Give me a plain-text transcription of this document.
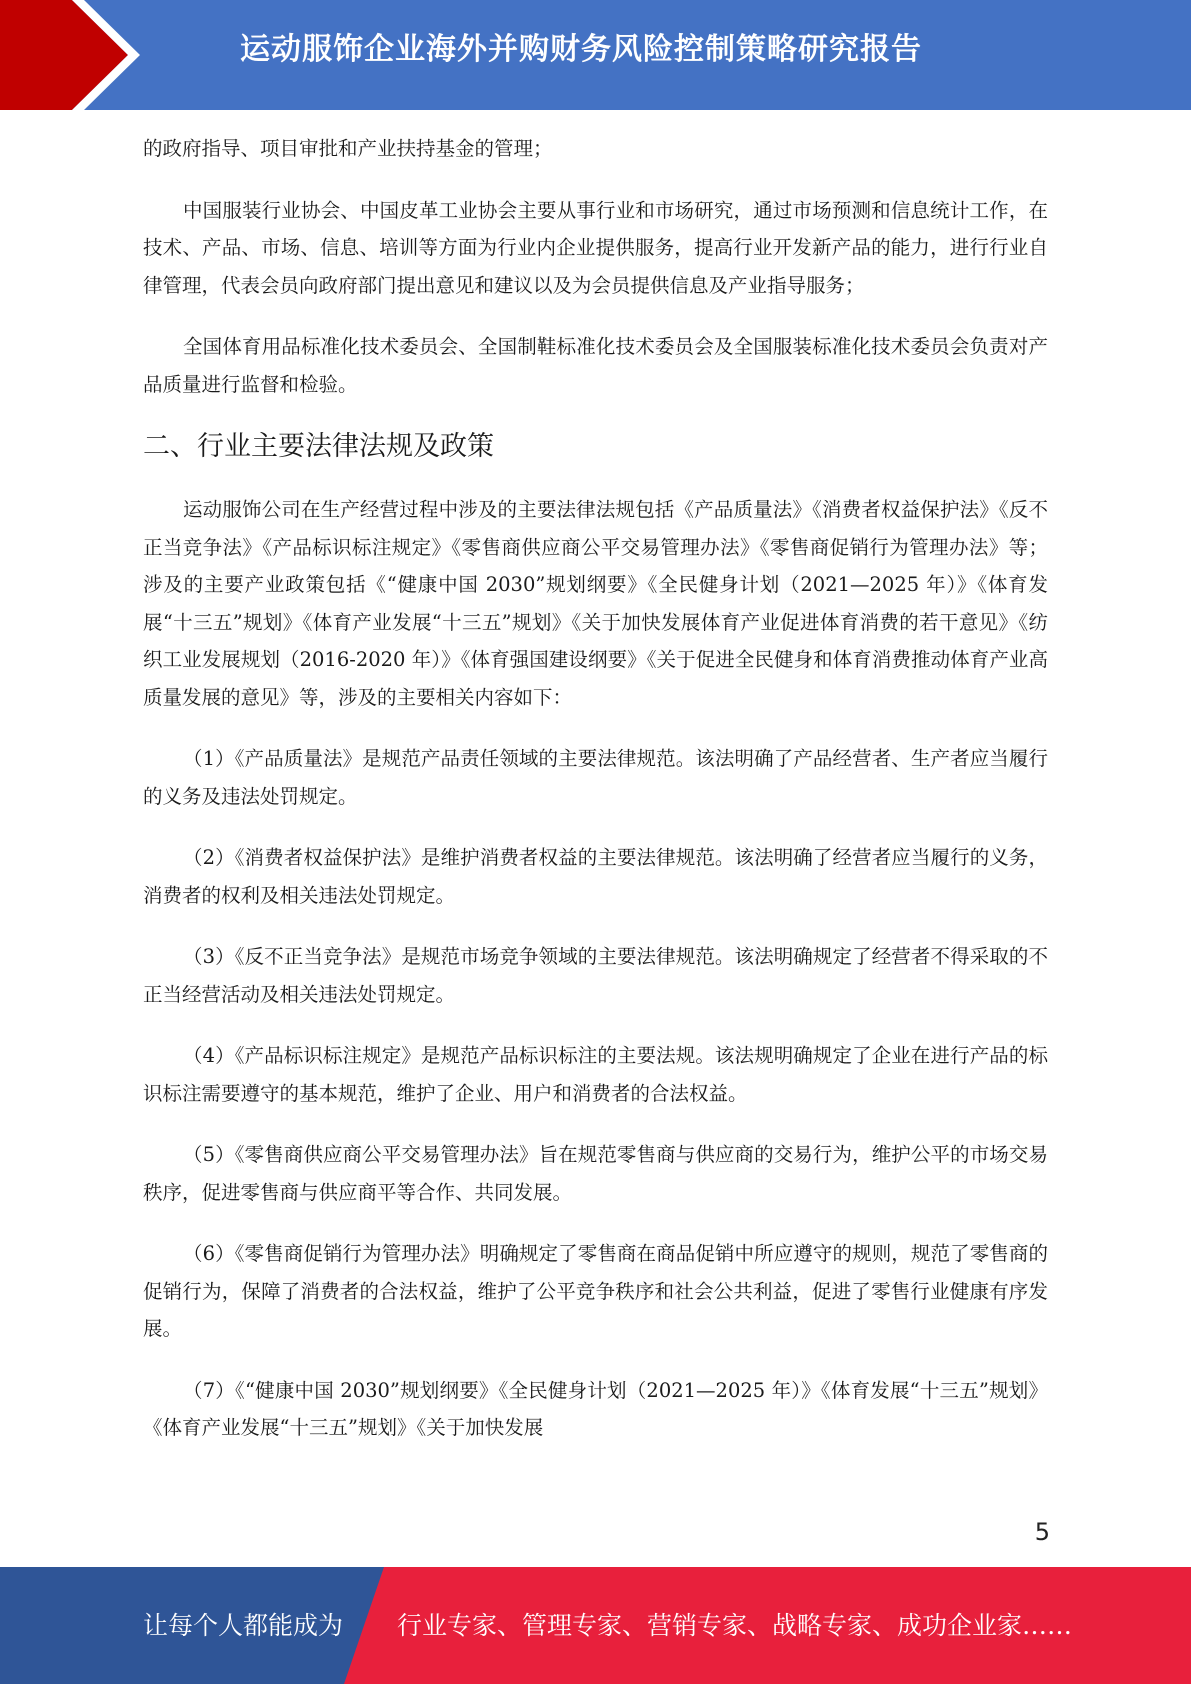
运动服饰企业海外并购财务风险控制策略研究报告

的政府指导、项目审批和产业扶持基金的管理；

中国服装行业协会、中国皮革工业协会主要从事行业和市场研究，通过市场预测和信息统计工作，在技术、产品、市场、信息、培训等方面为行业内企业提供服务，提高行业开发新产品的能力，进行行业自律管理，代表会员向政府部门提出意见和建议以及为会员提供信息及产业指导服务；

全国体育用品标准化技术委员会、全国制鞋标准化技术委员会及全国服装标准化技术委员会负责对产品质量进行监督和检验。

二、行业主要法律法规及政策

运动服饰公司在生产经营过程中涉及的主要法律法规包括《产品质量法》《消费者权益保护法》《反不正当竞争法》《产品标识标注规定》《零售商供应商公平交易管理办法》《零售商促销行为管理办法》等；涉及的主要产业政策包括《“健康中国 2030”规划纲要》《全民健身计划（2021—2025 年）》《体育发展“十三五”规划》《体育产业发展“十三五”规划》《关于加快发展体育产业促进体育消费的若干意见》《纺织工业发展规划（2016-2020 年）》《体育强国建设纲要》《关于促进全民健身和体育消费推动体育产业高质量发展的意见》等，涉及的主要相关内容如下：

（1）《产品质量法》是规范产品责任领域的主要法律规范。该法明确了产品经营者、生产者应当履行的义务及违法处罚规定。

（2）《消费者权益保护法》是维护消费者权益的主要法律规范。该法明确了经营者应当履行的义务，消费者的权利及相关违法处罚规定。

（3）《反不正当竞争法》是规范市场竞争领域的主要法律规范。该法明确规定了经营者不得采取的不正当经营活动及相关违法处罚规定。

（4）《产品标识标注规定》是规范产品标识标注的主要法规。该法规明确规定了企业在进行产品的标识标注需要遵守的基本规范，维护了企业、用户和消费者的合法权益。

（5）《零售商供应商公平交易管理办法》旨在规范零售商与供应商的交易行为，维护公平的市场交易秩序，促进零售商与供应商平等合作、共同发展。

（6）《零售商促销行为管理办法》明确规定了零售商在商品促销中所应遵守的规则，规范了零售商的促销行为，保障了消费者的合法权益，维护了公平竞争秩序和社会公共利益，促进了零售行业健康有序发展。

（7）《“健康中国 2030”规划纲要》《全民健身计划（2021—2025 年）》《体育发展“十三五”规划》《体育产业发展“十三五”规划》《关于加快发展

5
让每个人都能成为 行业专家、管理专家、营销专家、战略专家、成功企业家……
